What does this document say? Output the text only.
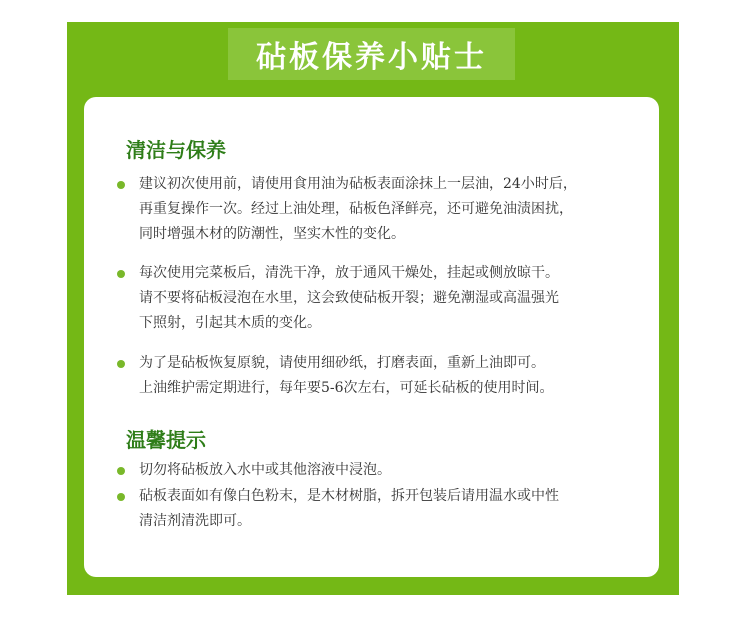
砧板保养小贴士
清洁与保养
建议初次使用前，请使用食用油为砧板表面涂抹上一层油，24小时后，
再重复操作一次。经过上油处理，砧板色泽鲜亮，还可避免油渍困扰，
同时增强木材的防潮性，坚实木性的变化。
每次使用完菜板后，清洗干净，放于通风干燥处，挂起或侧放晾干。
请不要将砧板浸泡在水里，这会致使砧板开裂；避免潮湿或高温强光
下照射，引起其木质的变化。
为了是砧板恢复原貌，请使用细砂纸，打磨表面，重新上油即可。
上油维护需定期进行，每年要5-6次左右，可延长砧板的使用时间。
温馨提示
切勿将砧板放入水中或其他溶液中浸泡。
砧板表面如有像白色粉末，是木材树脂，拆开包装后请用温水或中性
清洁剂清洗即可。
